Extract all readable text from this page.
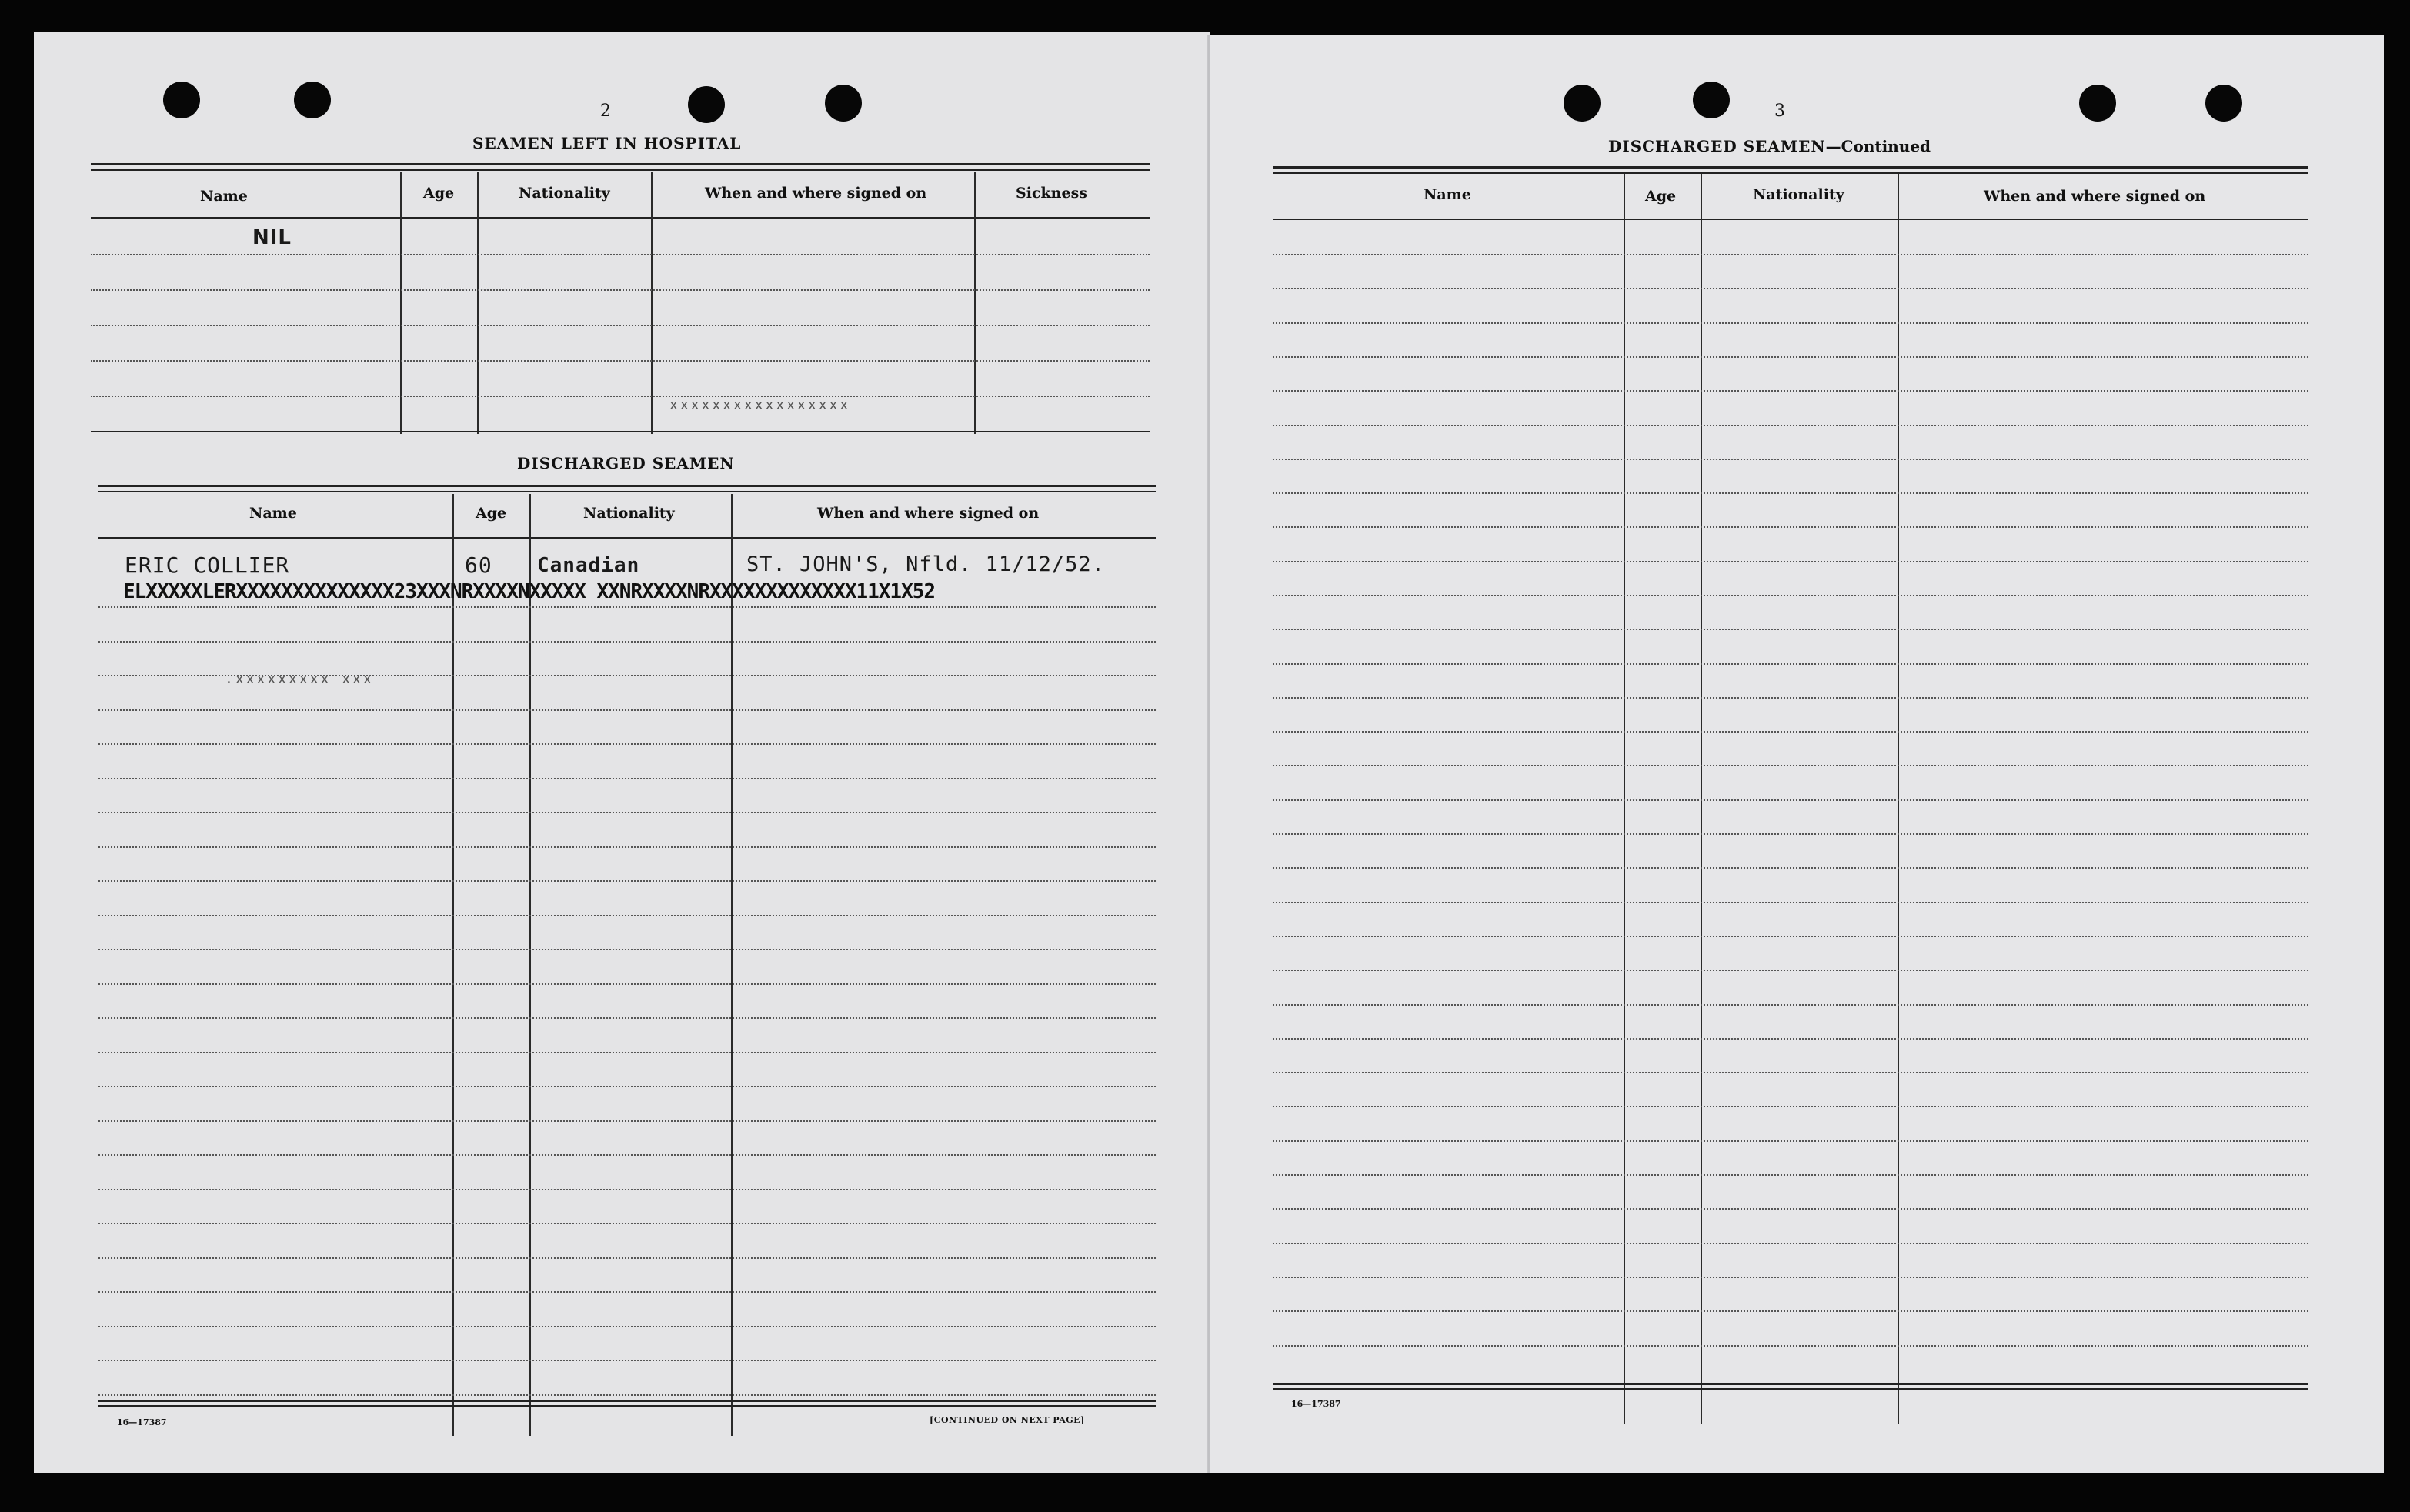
2
SEAMEN LEFT IN HOSPITAL
Name	Age	Nationality	When and where signed on	Sickness
NIL
xxxxxxxxxxxxxxxxx
DISCHARGED SEAMEN
Name	Age	Nationality	When and where signed on
ERIC COLLIER	60 Canadian	ST. JOHN'S, Nfld. 11/12/52.
ELXXXXXLERXXXXXXXXXXXXXX23XXXNRXXXXNXXXXX XXNRXXXXNRXXXXXXXXXXXXX11X1X52
.xxxxxxxxx xxx
16—17387	[CONTINUED ON NEXT PAGE]
3
DISCHARGED SEAMEN—Continued
Name	Age	Nationality	When and where signed on
16—17387
